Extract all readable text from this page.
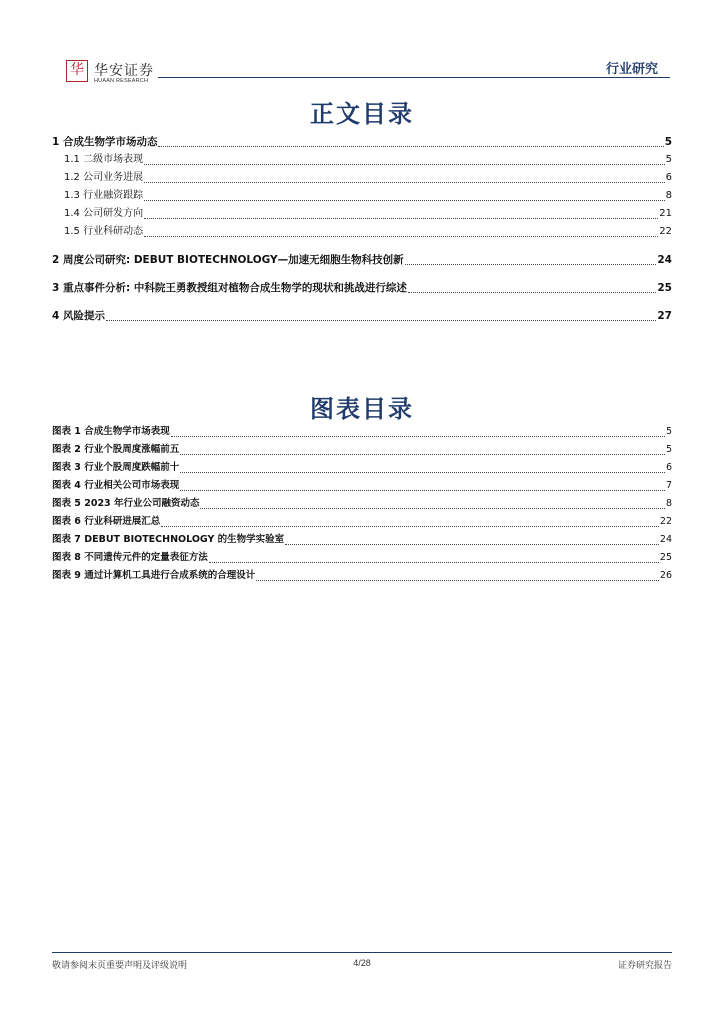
华 华安证券
HUAAN RESEARCH
行业研究
正文目录
1 合成生物学市场动态	5
1.1 二级市场表现	5
1.2 公司业务进展	6
1.3 行业融资跟踪	8
1.4 公司研发方向	21
1.5 行业科研动态	22
2 周度公司研究: DEBUT BIOTECHNOLOGY—加速无细胞生物科技创新	24
3 重点事件分析: 中科院王勇教授组对植物合成生物学的现状和挑战进行综述	25
4 风险提示	27
图表目录
图表 1 合成生物学市场表现	5
图表 2 行业个股周度涨幅前五	5
图表 3 行业个股周度跌幅前十	6
图表 4 行业相关公司市场表现	7
图表 5 2023 年行业公司融资动态	8
图表 6 行业科研进展汇总	22
图表 7 DEBUT BIOTECHNOLOGY 的生物学实验室	24
图表 8 不同遗传元件的定量表征方法	25
图表 9 通过计算机工具进行合成系统的合理设计	26
敬请参阅末页重要声明及评级说明	4/28	证券研究报告
